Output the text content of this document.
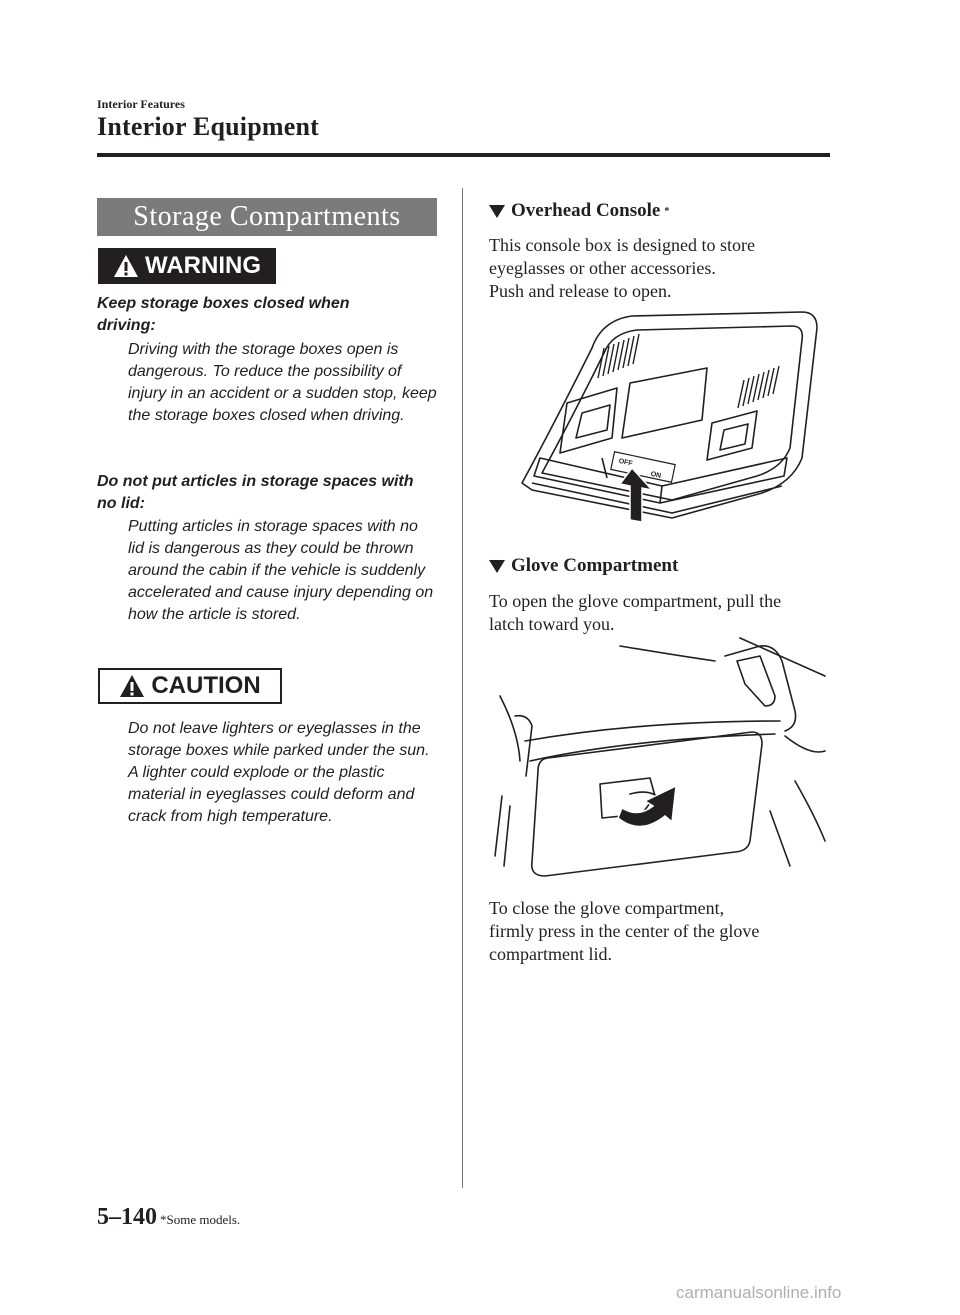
Interior Features
Interior Equipment
Storage Compartments
WARNING

Keep storage boxes closed when driving:

Driving with the storage boxes open is dangerous. To reduce the possibility of injury in an accident or a sudden stop, keep the storage boxes closed when driving.

Do not put articles in storage spaces with no lid:

Putting articles in storage spaces with no lid is dangerous as they could be thrown around the cabin if the vehicle is suddenly accelerated and cause injury depending on how the article is stored.

CAUTION

Do not leave lighters or eyeglasses in the storage boxes while parked under the sun. A lighter could explode or the plastic material in eyeglasses could deform and crack from high temperature.

Overhead Console *

This console box is designed to store

eyeglasses or other accessories.

Push and release to open.

OFF
ON
Glove Compartment

To open the glove compartment, pull the

latch toward you.

To close the glove compartment,

firmly press in the center of the glove

compartment lid.

5–140 *Some models.
carmanualsonline.info
